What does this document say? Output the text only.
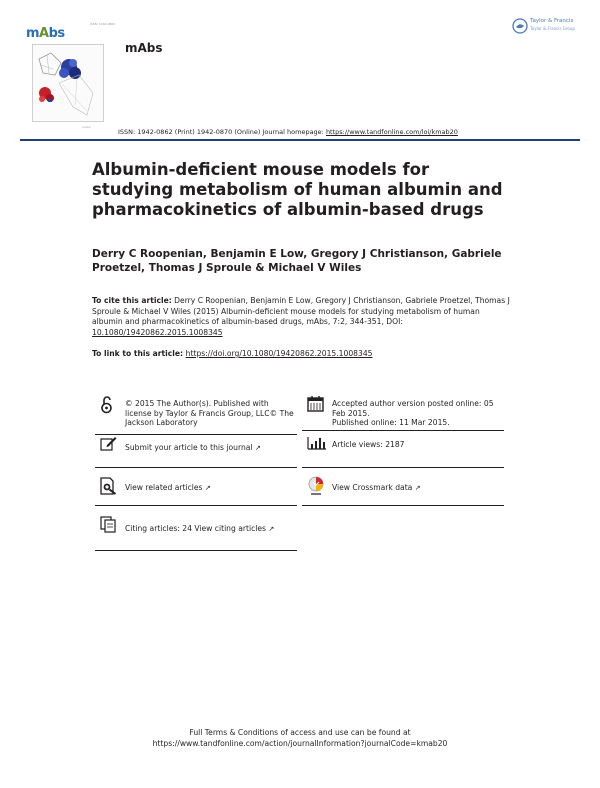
ISSN: 1942-0862
mAbs
mAbs
mAbs
Taylor & Francis
Taylor & Francis Group
ISSN: 1942-0862 (Print) 1942-0870 (Online) Journal homepage: https://www.tandfonline.com/loi/kmab20
Albumin-deficient mouse models for studying metabolism of human albumin and pharmacokinetics of albumin-based drugs
Derry C Roopenian, Benjamin E Low, Gregory J Christianson, Gabriele Proetzel, Thomas J Sproule & Michael V Wiles
To cite this article: Derry C Roopenian, Benjamin E Low, Gregory J Christianson, Gabriele Proetzel, Thomas J Sproule & Michael V Wiles (2015) Albumin-deficient mouse models for studying metabolism of human albumin and pharmacokinetics of albumin-based drugs, mAbs, 7:2, 344-351, DOI: 10.1080/19420862.2015.1008345
To link to this article: https://doi.org/10.1080/19420862.2015.1008345
© 2015 The Author(s). Published with license by Taylor & Francis Group, LLC© The Jackson Laboratory
Accepted author version posted online: 05 Feb 2015.
Published online: 11 Mar 2015.
Submit your article to this journal ↗	Article views: 2187
View related articles ↗	View Crossmark data ↗
Citing articles: 24 View citing articles ↗
Full Terms & Conditions of access and use can be found at
https://www.tandfonline.com/action/journalInformation?journalCode=kmab20
